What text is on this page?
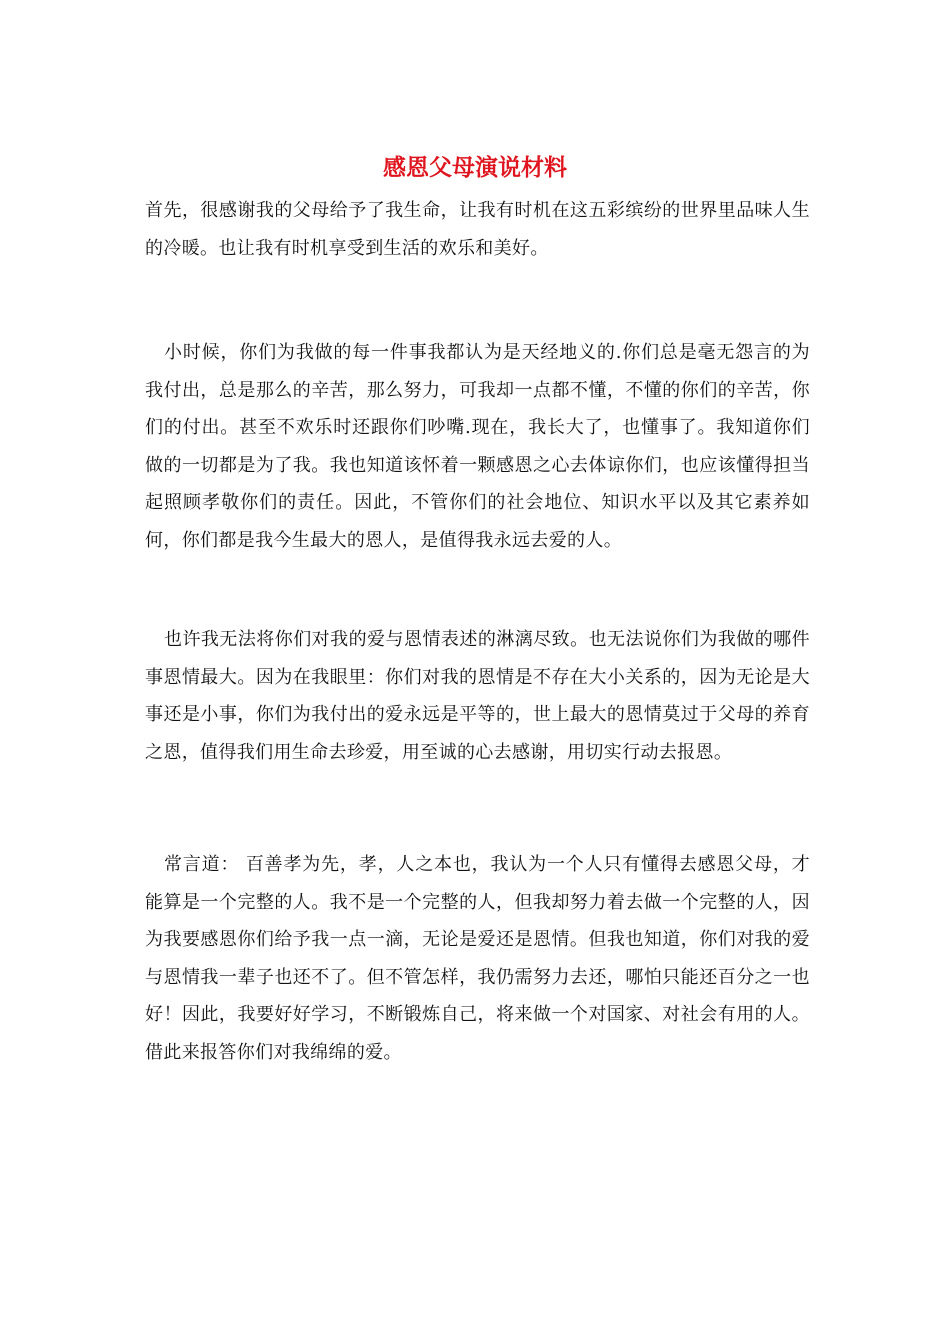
感恩父母演说材料

首先，很感谢我的父母给予了我生命，让我有时机在这五彩缤纷的世界里品味人生的冷暖。也让我有时机享受到生活的欢乐和美好。

小时候，你们为我做的每一件事我都认为是天经地义的.你们总是毫无怨言的为我付出，总是那么的辛苦，那么努力，可我却一点都不懂，不懂的你们的辛苦，你们的付出。甚至不欢乐时还跟你们吵嘴.现在，我长大了，也懂事了。我知道你们做的一切都是为了我。我也知道该怀着一颗感恩之心去体谅你们，也应该懂得担当起照顾孝敬你们的责任。因此，不管你们的社会地位、知识水平以及其它素养如何，你们都是我今生最大的恩人，是值得我永远去爱的人。

也许我无法将你们对我的爱与恩情表述的淋漓尽致。也无法说你们为我做的哪件事恩情最大。因为在我眼里：你们对我的恩情是不存在大小关系的，因为无论是大事还是小事，你们为我付出的爱永远是平等的，世上最大的恩情莫过于父母的养育之恩，值得我们用生命去珍爱，用至诚的心去感谢，用切实行动去报恩。

常言道： 百善孝为先，孝，人之本也，我认为一个人只有懂得去感恩父母，才能算是一个完整的人。我不是一个完整的人，但我却努力着去做一个完整的人，因为我要感恩你们给予我一点一滴，无论是爱还是恩情。但我也知道，你们对我的爱与恩情我一辈子也还不了。但不管怎样，我仍需努力去还，哪怕只能还百分之一也好！因此，我要好好学习，不断锻炼自己，将来做一个对国家、对社会有用的人。借此来报答你们对我绵绵的爱。
